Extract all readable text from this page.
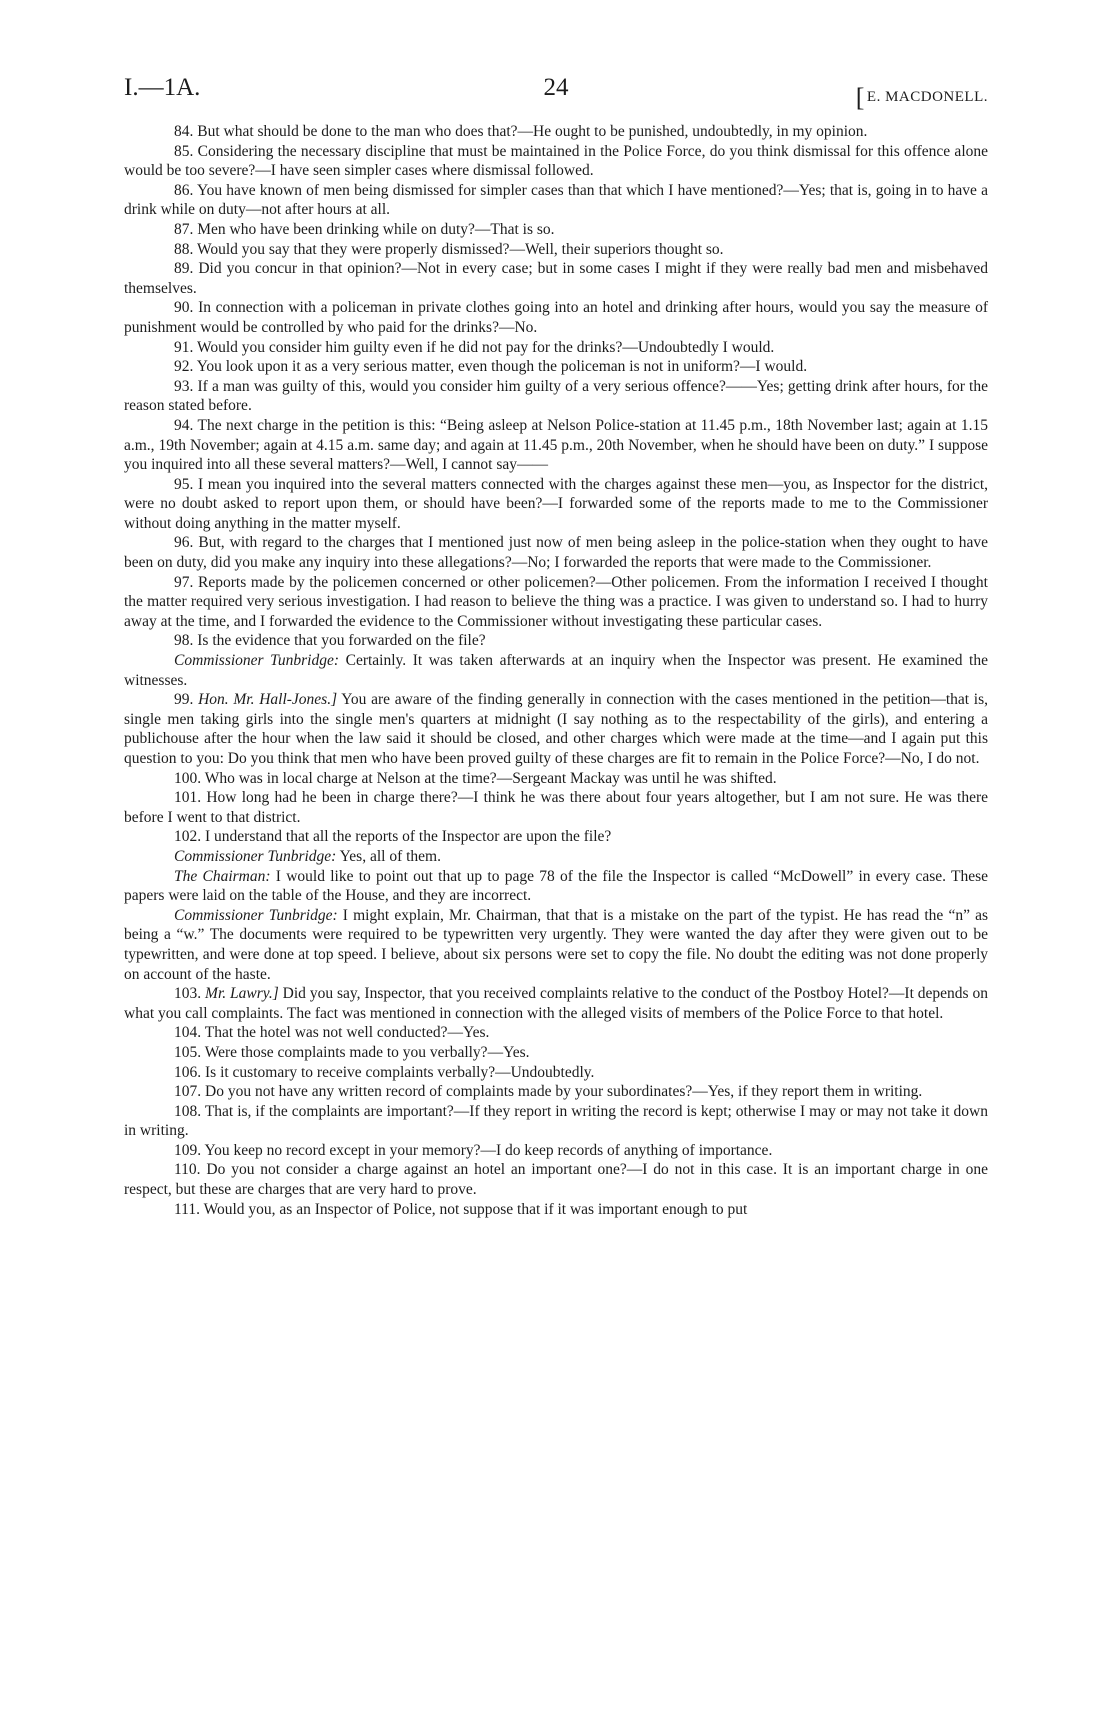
I.—1A.	24	[ E. MACDONELL.

84. But what should be done to the man who does that?—He ought to be punished, undoubtedly, in my opinion.

85. Considering the necessary discipline that must be maintained in the Police Force, do you think dismissal for this offence alone would be too severe?—I have seen simpler cases where dismissal followed.

86. You have known of men being dismissed for simpler cases than that which I have mentioned?—Yes; that is, going in to have a drink while on duty—not after hours at all.

87. Men who have been drinking while on duty?—That is so.

88. Would you say that they were properly dismissed?—Well, their superiors thought so.

89. Did you concur in that opinion?—Not in every case; but in some cases I might if they were really bad men and misbehaved themselves.

90. In connection with a policeman in private clothes going into an hotel and drinking after hours, would you say the measure of punishment would be controlled by who paid for the drinks?—No.

91. Would you consider him guilty even if he did not pay for the drinks?—Undoubtedly I would.

92. You look upon it as a very serious matter, even though the policeman is not in uniform?—I would.

93. If a man was guilty of this, would you consider him guilty of a very serious offence?——Yes; getting drink after hours, for the reason stated before.

94. The next charge in the petition is this: “Being asleep at Nelson Police-station at 11.45 p.m., 18th November last; again at 1.15 a.m., 19th November; again at 4.15 a.m. same day; and again at 11.45 p.m., 20th November, when he should have been on duty.” I suppose you inquired into all these several matters?—Well, I cannot say——

95. I mean you inquired into the several matters connected with the charges against these men—you, as Inspector for the district, were no doubt asked to report upon them, or should have been?—I forwarded some of the reports made to me to the Commissioner without doing anything in the matter myself.

96. But, with regard to the charges that I mentioned just now of men being asleep in the police-station when they ought to have been on duty, did you make any inquiry into these allegations?—No; I forwarded the reports that were made to the Commissioner.

97. Reports made by the policemen concerned or other policemen?—Other policemen. From the information I received I thought the matter required very serious investigation. I had reason to believe the thing was a practice. I was given to understand so. I had to hurry away at the time, and I forwarded the evidence to the Commissioner without investigating these particular cases.

98. Is the evidence that you forwarded on the file?

Commissioner Tunbridge: Certainly. It was taken afterwards at an inquiry when the Inspector was present. He examined the witnesses.

99. Hon. Mr. Hall-Jones.] You are aware of the finding generally in connection with the cases mentioned in the petition—that is, single men taking girls into the single men's quarters at midnight (I say nothing as to the respectability of the girls), and entering a publichouse after the hour when the law said it should be closed, and other charges which were made at the time—and I again put this question to you: Do you think that men who have been proved guilty of these charges are fit to remain in the Police Force?—No, I do not.

100. Who was in local charge at Nelson at the time?—Sergeant Mackay was until he was shifted.

101. How long had he been in charge there?—I think he was there about four years altogether, but I am not sure. He was there before I went to that district.

102. I understand that all the reports of the Inspector are upon the file?

Commissioner Tunbridge: Yes, all of them.

The Chairman: I would like to point out that up to page 78 of the file the Inspector is called “McDowell” in every case. These papers were laid on the table of the House, and they are incorrect.

Commissioner Tunbridge: I might explain, Mr. Chairman, that that is a mistake on the part of the typist. He has read the “n” as being a “w.” The documents were required to be typewritten very urgently. They were wanted the day after they were given out to be typewritten, and were done at top speed. I believe, about six persons were set to copy the file. No doubt the editing was not done properly on account of the haste.

103. Mr. Lawry.] Did you say, Inspector, that you received complaints relative to the conduct of the Postboy Hotel?—It depends on what you call complaints. The fact was mentioned in connection with the alleged visits of members of the Police Force to that hotel.

104. That the hotel was not well conducted?—Yes.

105. Were those complaints made to you verbally?—Yes.

106. Is it customary to receive complaints verbally?—Undoubtedly.

107. Do you not have any written record of complaints made by your subordinates?—Yes, if they report them in writing.

108. That is, if the complaints are important?—If they report in writing the record is kept; otherwise I may or may not take it down in writing.

109. You keep no record except in your memory?—I do keep records of anything of importance.

110. Do you not consider a charge against an hotel an important one?—I do not in this case. It is an important charge in one respect, but these are charges that are very hard to prove.

111. Would you, as an Inspector of Police, not suppose that if it was important enough to put
